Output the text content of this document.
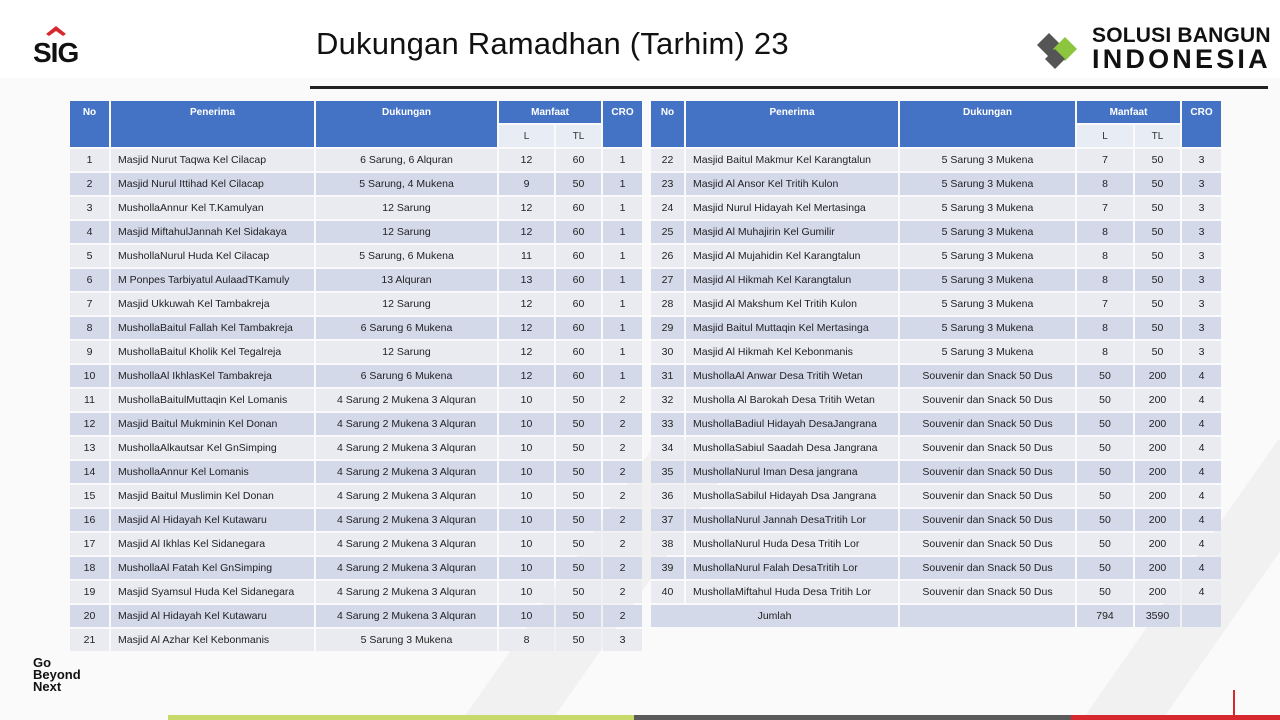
SIG	Dukungan Ramadhan (Tarhim) 23	SOLUSI BANGUN
INDONESIA
No	Penerima	Dukungan	Manfaat		CRO
			L	TL	
1	Masjid Nurut Taqwa Kel Cilacap	6 Sarung, 6 Alquran	12	60	1
2	Masjid Nurul Ittihad Kel Cilacap	5 Sarung, 4 Mukena	9	50	1
3	MushollaAnnur Kel T.Kamulyan	12 Sarung	12	60	1
4	Masjid MiftahulJannah Kel Sidakaya	12 Sarung	12	60	1
5	MushollaNurul Huda Kel Cilacap	5 Sarung, 6 Mukena	11	60	1
6	M Ponpes Tarbiyatul AulaadTKamuly	13 Alquran	13	60	1
7	Masjid Ukkuwah Kel Tambakreja	12 Sarung	12	60	1
8	MushollaBaitul Fallah Kel Tambakreja	6 Sarung 6 Mukena	12	60	1
9	MushollaBaitul Kholik Kel Tegalreja	12 Sarung	12	60	1
10	MushollaAl IkhlasKel Tambakreja	6 Sarung 6 Mukena	12	60	1
11	MushollaBaitulMuttaqin Kel Lomanis	4 Sarung 2 Mukena 3 Alquran	10	50	2
12	Masjid Baitul Mukminin Kel Donan	4 Sarung 2 Mukena 3 Alquran	10	50	2
13	MushollaAlkautsar Kel GnSimping	4 Sarung 2 Mukena 3 Alquran	10	50	2
14	MushollaAnnur Kel Lomanis	4 Sarung 2 Mukena 3 Alquran	10	50	2
15	Masjid Baitul Muslimin Kel Donan	4 Sarung 2 Mukena 3 Alquran	10	50	2
16	Masjid Al Hidayah Kel Kutawaru	4 Sarung 2 Mukena 3 Alquran	10	50	2
17	Masjid Al Ikhlas Kel Sidanegara	4 Sarung 2 Mukena 3 Alquran	10	50	2
18	MushollaAl Fatah Kel GnSimping	4 Sarung 2 Mukena 3 Alquran	10	50	2
19	Masjid Syamsul Huda Kel Sidanegara	4 Sarung 2 Mukena 3 Alquran	10	50	2
20	Masjid Al Hidayah Kel Kutawaru	4 Sarung 2 Mukena 3 Alquran	10	50	2
21	Masjid Al Azhar Kel Kebonmanis	5 Sarung 3 Mukena	8	50	3
No	Penerima	Dukungan	Manfaat		CRO
			L	TL	
22	Masjid Baitul Makmur Kel Karangtalun	5 Sarung 3 Mukena	7	50	3
23	Masjid Al Ansor Kel Tritih Kulon	5 Sarung 3 Mukena	8	50	3
24	Masjid Nurul Hidayah Kel Mertasinga	5 Sarung 3 Mukena	7	50	3
25	Masjid Al Muhajirin Kel Gumilir	5 Sarung 3 Mukena	8	50	3
26	Masjid Al Mujahidin Kel Karangtalun	5 Sarung 3 Mukena	8	50	3
27	Masjid Al Hikmah Kel Karangtalun	5 Sarung 3 Mukena	8	50	3
28	Masjid Al Makshum Kel Tritih Kulon	5 Sarung 3 Mukena	7	50	3
29	Masjid Baitul Muttaqin Kel Mertasinga	5 Sarung 3 Mukena	8	50	3
30	Masjid Al Hikmah Kel Kebonmanis	5 Sarung 3 Mukena	8	50	3
31	MushollaAl Anwar Desa Tritih Wetan	Souvenir dan Snack 50 Dus	50	200	4
32	Musholla Al Barokah Desa Tritih Wetan	Souvenir dan Snack 50 Dus	50	200	4
33	MushollaBadiul Hidayah DesaJangrana	Souvenir dan Snack 50 Dus	50	200	4
34	MushollaSabiul Saadah Desa Jangrana	Souvenir dan Snack 50 Dus	50	200	4
35	MushollaNurul Iman Desa jangrana	Souvenir dan Snack 50 Dus	50	200	4
36	MushollaSabilul Hidayah Dsa Jangrana	Souvenir dan Snack 50 Dus	50	200	4
37	MushollaNurul Jannah DesaTritih Lor	Souvenir dan Snack 50 Dus	50	200	4
38	MushollaNurul Huda Desa Tritih Lor	Souvenir dan Snack 50 Dus	50	200	4
39	MushollaNurul Falah DesaTritih Lor	Souvenir dan Snack 50 Dus	50	200	4
40	MushollaMiftahul Huda Desa Tritih Lor	Souvenir dan Snack 50 Dus	50	200	4
Jumlah			794	3590	
Go
Beyond
Next
